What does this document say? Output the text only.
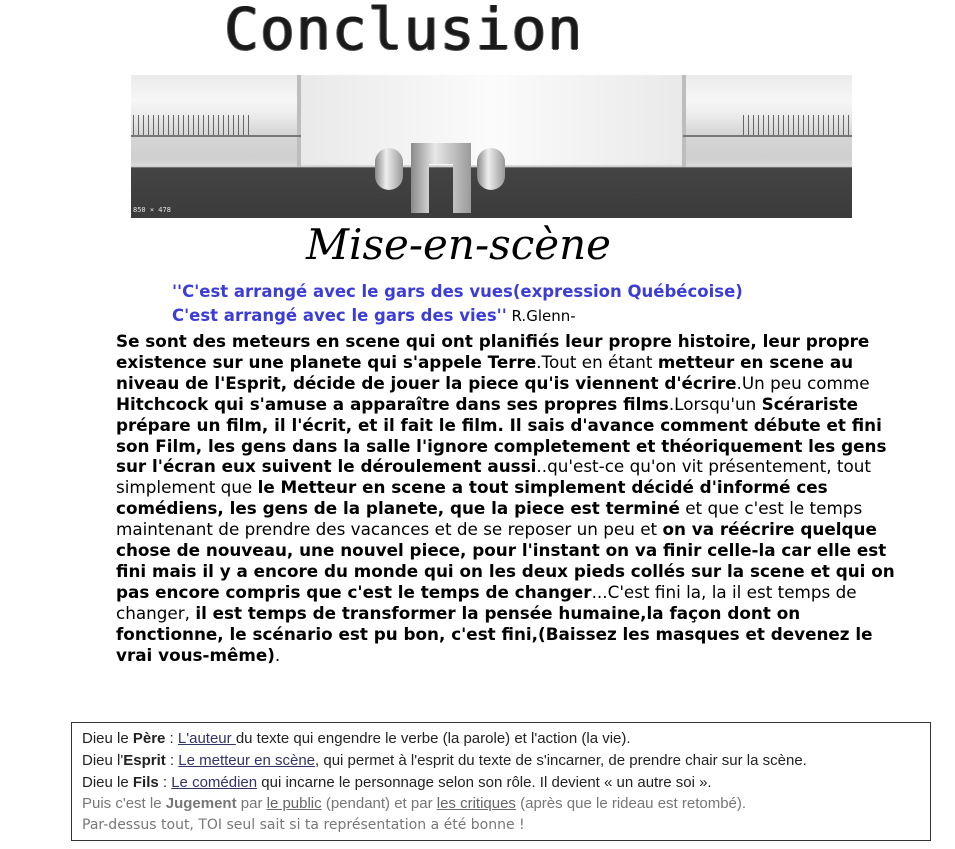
Conclusion
850 × 478
Mise-en-scène
''C'est arrangé avec le gars des vues(expression Québécoise)
C'est arrangé avec le gars des vies'' R.Glenn-
Se sont des meteurs en scene qui ont planifiés leur propre histoire, leur propre existence sur une planete qui s'appele Terre.Tout en étant metteur en scene au niveau de l'Esprit, décide de jouer la piece qu'is viennent d'écrire.Un peu comme Hitchcock qui s'amuse a apparaître dans ses propres films.Lorsqu'un Scérariste prépare un film, il l'écrit, et il fait le film. Il sais d'avance comment débute et fini son Film, les gens dans la salle l'ignore completement et théoriquement les gens sur l'écran eux suivent le déroulement aussi..qu'est-ce qu'on vit présentement, tout simplement que le Metteur en scene a tout simplement décidé d'informé ces comédiens, les gens de la planete, que la piece est terminé et que c'est le temps maintenant de prendre des vacances et de se reposer un peu et on va réécrire quelque chose de nouveau, une nouvel piece, pour l'instant on va finir celle-la car elle est fini mais il y a encore du monde qui on les deux pieds collés sur la scene et qui on pas encore compris que c'est le temps de changer...C'est fini la, la il est temps de changer, il est temps de transformer la pensée humaine,la façon dont on fonctionne, le scénario est pu bon, c'est fini,(Baissez les masques et devenez le vrai vous-même).
Dieu le Père : L'auteur du texte qui engendre le verbe (la parole) et l'action (la vie).
Dieu l'Esprit : Le metteur en scène, qui permet à l'esprit du texte de s'incarner, de prendre chair sur la scène.
Dieu le Fils : Le comédien qui incarne le personnage selon son rôle. Il devient « un autre soi ».
Puis c'est le Jugement par le public (pendant) et par les critiques (après que le rideau est retombé).
Par-dessus tout, TOI seul sait si ta représentation a été bonne !
